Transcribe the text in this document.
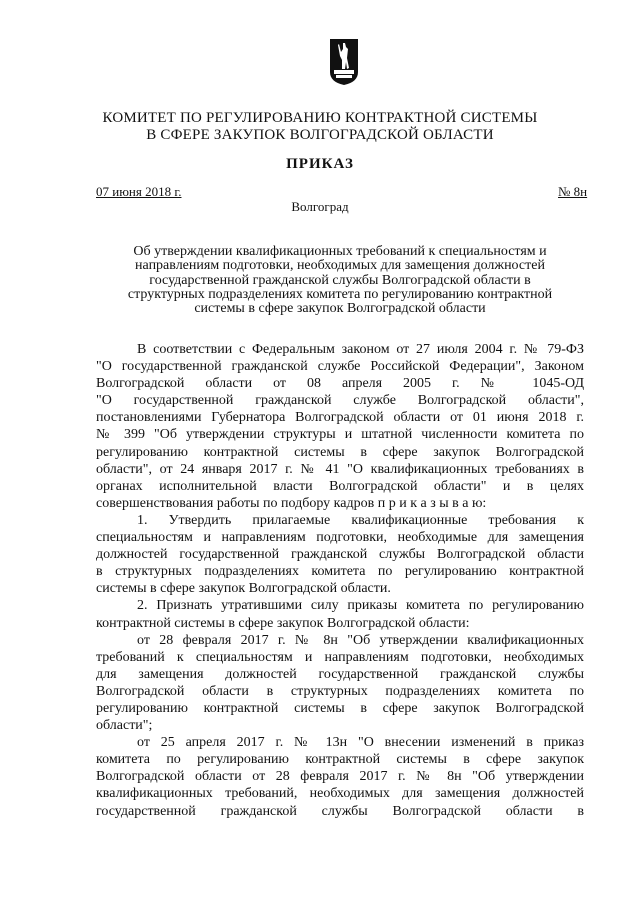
КОМИТЕТ ПО РЕГУЛИРОВАНИЮ КОНТРАКТНОЙ СИСТЕМЫ
В СФЕРЕ ЗАКУПОК ВОЛГОГРАДСКОЙ ОБЛАСТИ
ПРИКАЗ
07 июня 2018 г.	№ 8н
Волгоград
Об утверждении квалификационных требований к специальностям и
направлениям подготовки, необходимых для замещения должностей
государственной гражданской службы Волгоградской области в
структурных подразделениях комитета по регулированию контрактной
системы в сфере закупок Волгоградской области
В соответствии с Федеральным законом от 27 июля 2004 г. № 79-ФЗ
"О государственной гражданской службе Российской Федерации", Законом
Волгоградской области от 08 апреля 2005 г. № 1045-ОД
"О государственной гражданской службе Волгоградской области",
постановлениями Губернатора Волгоградской области от 01 июня 2018 г.
№ 399 "Об утверждении структуры и штатной численности комитета по
регулированию контрактной системы в сфере закупок Волгоградской
области", от 24 января 2017 г. № 41 "О квалификационных требованиях в
органах исполнительной власти Волгоградской области" и в целях
совершенствования работы по подбору кадров п р и к а з ы в а ю:
1. Утвердить прилагаемые квалификационные требования к
специальностям и направлениям подготовки, необходимые для замещения
должностей государственной гражданской службы Волгоградской области
в структурных подразделениях комитета по регулированию контрактной
системы в сфере закупок Волгоградской области.
2. Признать утратившими силу приказы комитета по регулированию
контрактной системы в сфере закупок Волгоградской области:
от 28 февраля 2017 г. № 8н "Об утверждении квалификационных
требований к специальностям и направлениям подготовки, необходимых
для замещения должностей государственной гражданской службы
Волгоградской области в структурных подразделениях комитета по
регулированию контрактной системы в сфере закупок Волгоградской
области";
от 25 апреля 2017 г. № 13н "О внесении изменений в приказ
комитета по регулированию контрактной системы в сфере закупок
Волгоградской области от 28 февраля 2017 г. № 8н "Об утверждении
квалификационных требований, необходимых для замещения должностей
государственной гражданской службы Волгоградской области в
